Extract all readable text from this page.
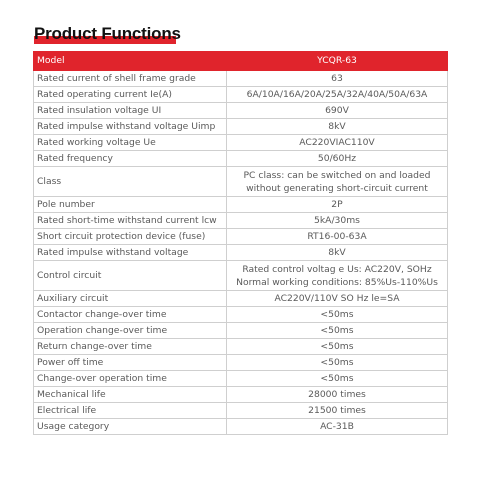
Product Functions
Model	YCQR-63
Rated current of shell frame grade	63

Rated operating current Ie(A)	6A/10A/16A/20A/25A/32A/40A/50A/63A

Rated insulation voltage UI	690V

Rated impulse withstand voltage Uimp	8kV

Rated working voltage Ue	AC220VIAC110V

Rated frequency	50/60Hz

Class	PC class: can be switched on and loaded
without generating short-circuit current

Pole number	2P

Rated short-time withstand current lcw	5kA/30ms

Short circuit protection device (fuse)	RT16-00-63A

Rated impulse withstand voltage	8kV

Control circuit	Rated control voltag e Us: AC220V, SOHz
Normal working conditions: 85%Us-110%Us

Auxiliary circuit	AC220V/110V SO Hz le=SA

Contactor change-over time	<50ms

Operation change-over time	<50ms

Return change-over time	<50ms

Power off time	<50ms

Change-over operation time	<50ms

Mechanical life	28000 times

Electrical life	21500 times

Usage category	AC-31B
